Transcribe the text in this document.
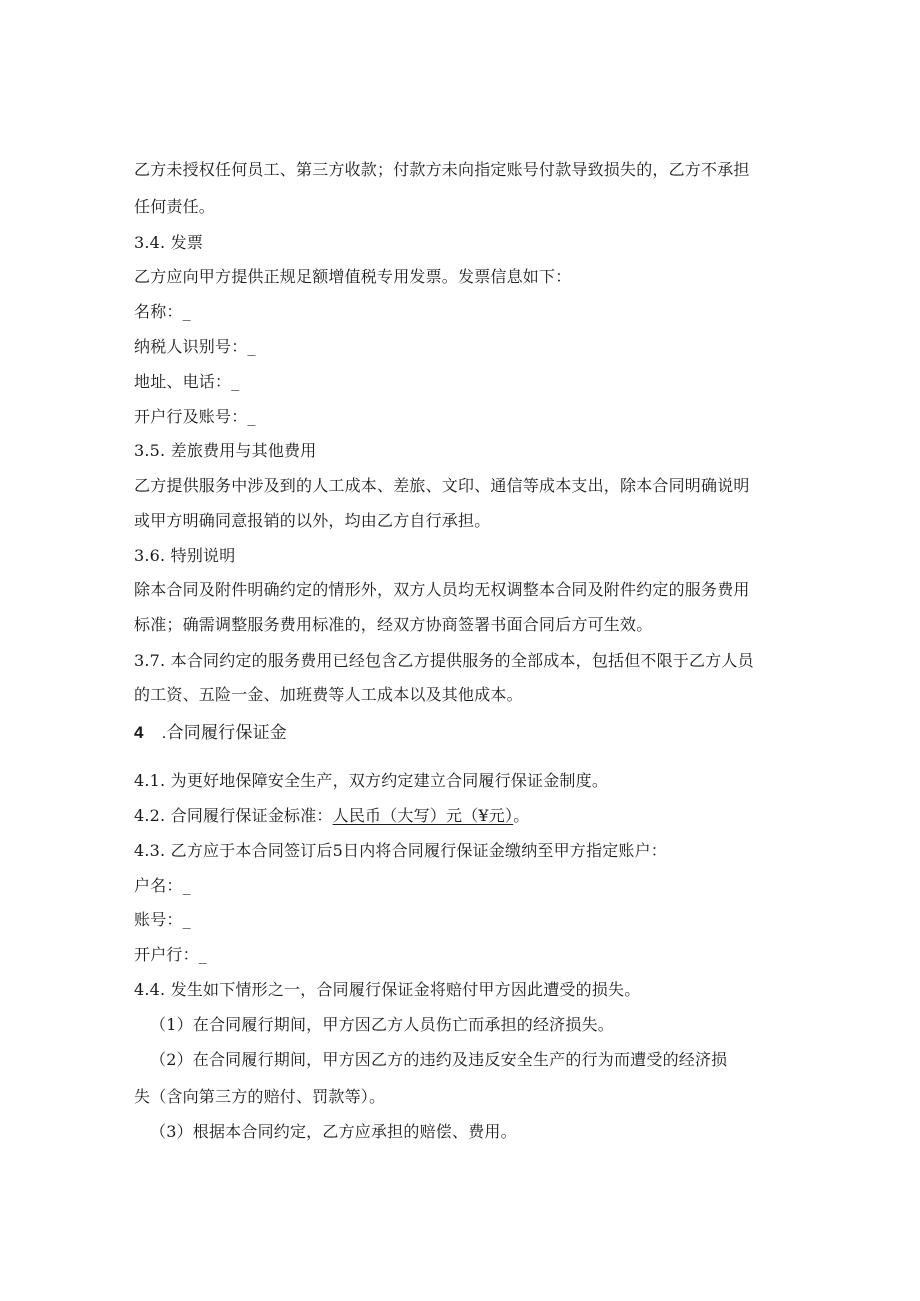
乙方未授权任何员工、第三方收款；付款方未向指定账号付款导致损失的，乙方不承担
任何责任。
3.4. 发票
乙方应向甲方提供正规足额增值税专用发票。发票信息如下：
名称：_
纳税人识别号：_
地址、电话：_
开户行及账号：_
3.5. 差旅费用与其他费用
乙方提供服务中涉及到的人工成本、差旅、文印、通信等成本支出，除本合同明确说明
或甲方明确同意报销的以外，均由乙方自行承担。
3.6. 特别说明
除本合同及附件明确约定的情形外，双方人员均无权调整本合同及附件约定的服务费用
标准；确需调整服务费用标准的，经双方协商签署书面合同后方可生效。
3.7. 本合同约定的服务费用已经包含乙方提供服务的全部成本，包括但不限于乙方人员
的工资、五险一金、加班费等人工成本以及其他成本。
4 .合同履行保证金
4.1. 为更好地保障安全生产，双方约定建立合同履行保证金制度。
4.2. 合同履行保证金标准：人民币（大写）元（¥元）。
4.3. 乙方应于本合同签订后5日内将合同履行保证金缴纳至甲方指定账户：
户名：_
账号：_
开户行：_
4.4. 发生如下情形之一，合同履行保证金将赔付甲方因此遭受的损失。
（1）在合同履行期间，甲方因乙方人员伤亡而承担的经济损失。
（2）在合同履行期间，甲方因乙方的违约及违反安全生产的行为而遭受的经济损
失（含向第三方的赔付、罚款等）。
（3）根据本合同约定，乙方应承担的赔偿、费用。
